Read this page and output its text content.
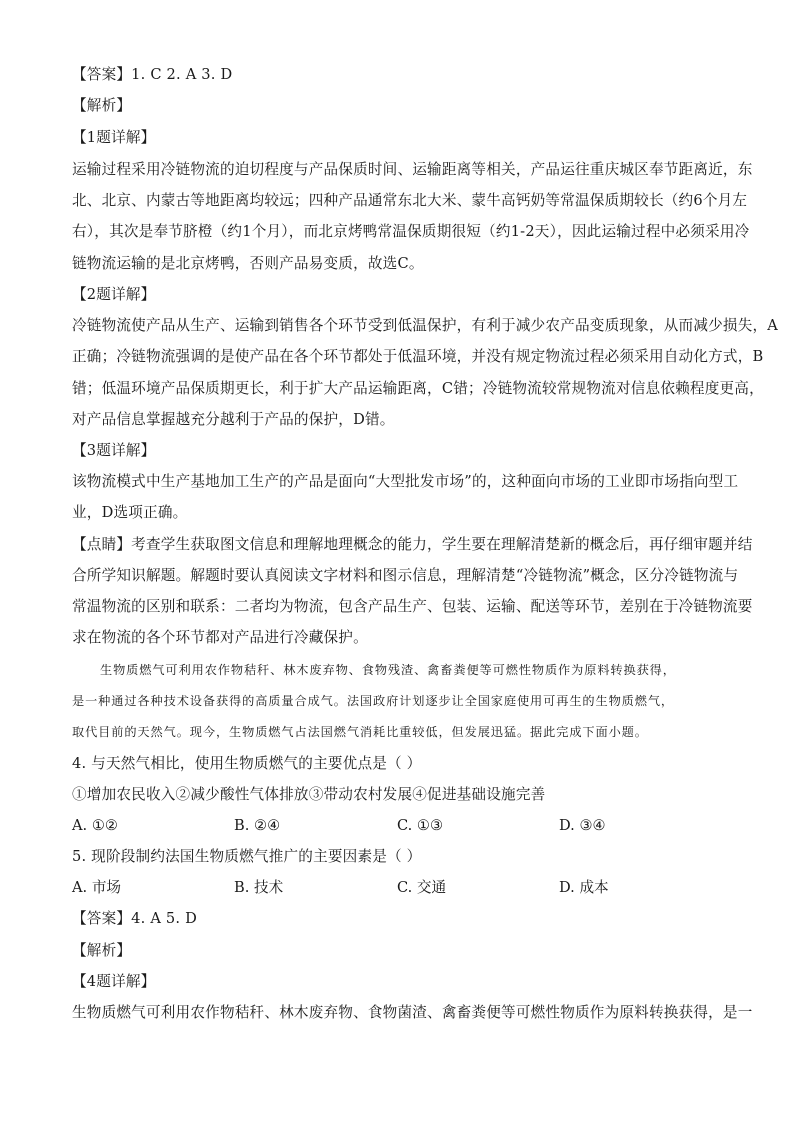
【答案】1. C 2. A 3. D
【解析】
【1题详解】
运输过程采用冷链物流的迫切程度与产品保质时间、运输距离等相关，产品运往重庆城区奉节距离近，东
北、北京、内蒙古等地距离均较远；四种产品通常东北大米、蒙牛高钙奶等常温保质期较长（约6个月左
右），其次是奉节脐橙（约1个月），而北京烤鸭常温保质期很短（约1-2天），因此运输过程中必须采用冷
链物流运输的是北京烤鸭，否则产品易变质，故选C。
【2题详解】
冷链物流使产品从生产、运输到销售各个环节受到低温保护，有利于减少农产品变质现象，从而减少损失，A
正确；冷链物流强调的是使产品在各个环节都处于低温环境，并没有规定物流过程必须采用自动化方式，B
错；低温环境产品保质期更长，利于扩大产品运输距离，C错；冷链物流较常规物流对信息依赖程度更高，
对产品信息掌握越充分越利于产品的保护，D错。
【3题详解】
该物流模式中生产基地加工生产的产品是面向“大型批发市场”的，这种面向市场的工业即市场指向型工
业，D选项正确。
【点睛】考查学生获取图文信息和理解地理概念的能力，学生要在理解清楚新的概念后，再仔细审题并结
合所学知识解题。解题时要认真阅读文字材料和图示信息，理解清楚“冷链物流”概念，区分冷链物流与
常温物流的区别和联系：二者均为物流，包含产品生产、包装、运输、配送等环节，差别在于冷链物流要
求在物流的各个环节都对产品进行冷藏保护。
生物质燃气可利用农作物秸秆、林木废弃物、食物残渣、禽畜粪便等可燃性物质作为原料转换获得，
是一种通过各种技术设备获得的高质量合成气。法国政府计划逐步让全国家庭使用可再生的生物质燃气，
取代目前的天然气。现今，生物质燃气占法国燃气消耗比重较低，但发展迅猛。据此完成下面小题。
4. 与天然气相比，使用生物质燃气的主要优点是（ ）
①增加农民收入②减少酸性气体排放③带动农村发展④促进基础设施完善
A. ①②	B. ②④	C. ①③	D. ③④
5. 现阶段制约法国生物质燃气推广的主要因素是（ ）
A. 市场	B. 技术	C. 交通	D. 成本
【答案】4. A 5. D
【解析】
【4题详解】
生物质燃气可利用农作物秸秆、林木废弃物、食物菌渣、禽畜粪便等可燃性物质作为原料转换获得，是一
